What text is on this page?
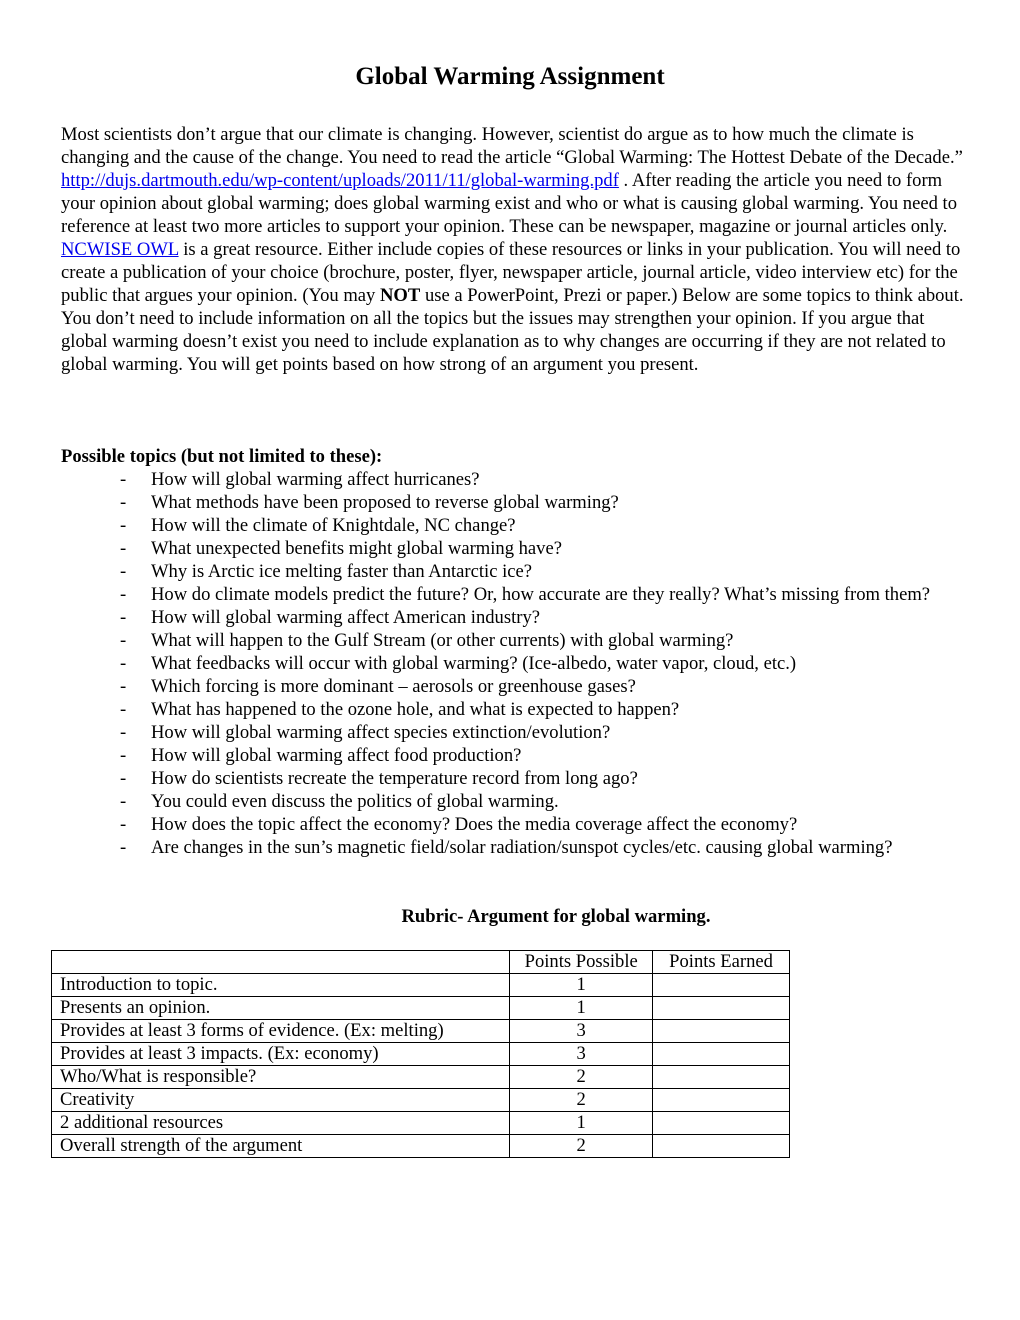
Global Warming Assignment

Most scientists don’t argue that our climate is changing. However, scientist do argue as to how much the climate is changing and the cause of the change. You need to read the article “Global Warming: The Hottest Debate of the Decade.” http://dujs.dartmouth.edu/wp-content/uploads/2011/11/global-warming.pdf . After reading the article you need to form your opinion about global warming; does global warming exist and who or what is causing global warming. You need to reference at least two more articles to support your opinion. These can be newspaper, magazine or journal articles only. NCWISE OWL is a great resource. Either include copies of these resources or links in your publication. You will need to create a publication of your choice (brochure, poster, flyer, newspaper article, journal article, video interview etc) for the public that argues your opinion. (You may NOT use a PowerPoint, Prezi or paper.) Below are some topics to think about. You don’t need to include information on all the topics but the issues may strengthen your opinion. If you argue that global warming doesn’t exist you need to include explanation as to why changes are occurring if they are not related to global warming. You will get points based on how strong of an argument you present.

Possible topics (but not limited to these):

- How will global warming affect hurricanes?
- What methods have been proposed to reverse global warming?
- How will the climate of Knightdale, NC change?
- What unexpected benefits might global warming have?
- Why is Arctic ice melting faster than Antarctic ice?
- How do climate models predict the future? Or, how accurate are they really? What’s missing from them?
- How will global warming affect American industry?
- What will happen to the Gulf Stream (or other currents) with global warming?
- What feedbacks will occur with global warming? (Ice-albedo, water vapor, cloud, etc.)
- Which forcing is more dominant – aerosols or greenhouse gases?
- What has happened to the ozone hole, and what is expected to happen?
- How will global warming affect species extinction/evolution?
- How will global warming affect food production?
- How do scientists recreate the temperature record from long ago?
- You could even discuss the politics of global warming.
- How does the topic affect the economy? Does the media coverage affect the economy?
- Are changes in the sun’s magnetic field/solar radiation/sunspot cycles/etc. causing global warming?

Rubric- Argument for global warming.

	Points Possible	Points Earned
Introduction to topic.	1	
Presents an opinion.	1	
Provides at least 3 forms of evidence. (Ex: melting)	3	
Provides at least 3 impacts. (Ex: economy)	3	
Who/What is responsible?	2	
Creativity	2	
2 additional resources	1	
Overall strength of the argument	2	
